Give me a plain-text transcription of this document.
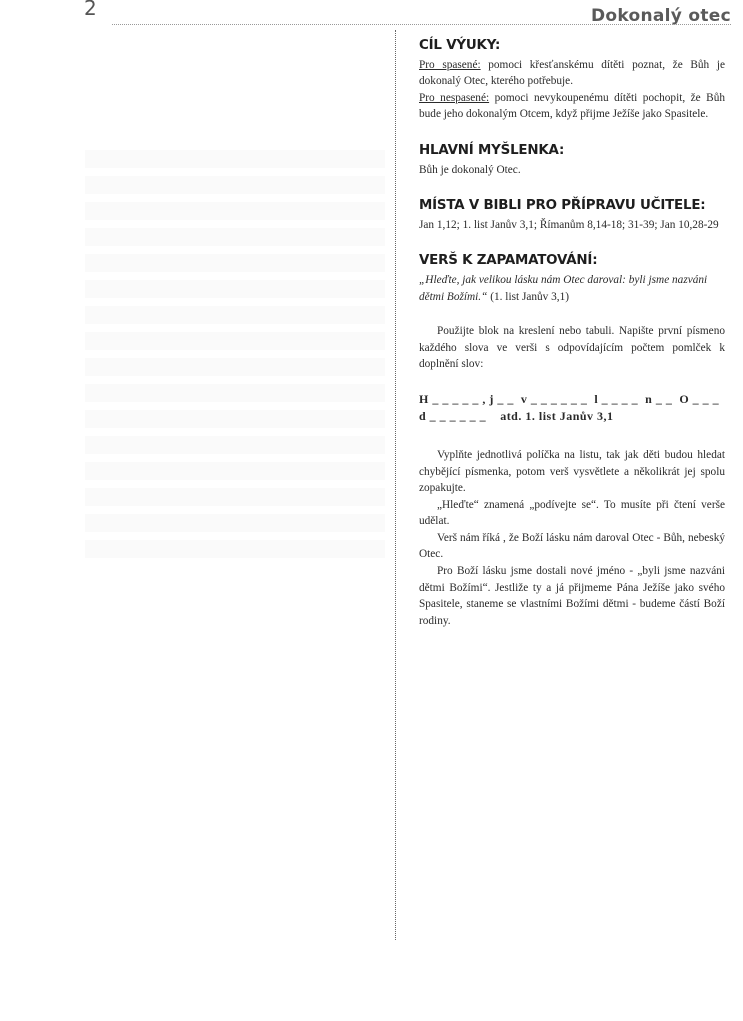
2	Dokonalý otec
CÍL VÝUKY:

Pro spasené: pomoci křesťanskému dítěti poznat, že Bůh je dokonalý Otec, kterého potřebuje.

Pro nespasené: pomoci nevykoupenému dítěti pochopit, že Bůh bude jeho dokonalým Otcem, když přijme Ježíše jako Spasitele.

HLAVNÍ MYŠLENKA:

Bůh je dokonalý Otec.

MÍSTA V BIBLI PRO PŘÍPRAVU UČITELE:

Jan 1,12; 1. list Janův 3,1; Římanům 8,14-18; 31-39; Jan 10,28-29

VERŠ K ZAPAMATOVÁNÍ:

„Hleďte, jak velikou lásku nám Otec daroval: byli jsme nazváni dětmi Božími.“ (1. list Janův 3,1)

Použijte blok na kreslení nebo tabuli. Napište první písmeno každého slova ve verši s odpovídajícím počtem pomlček k doplnění slov:

H _ _ _ _ _ , j _ _  v _ _ _ _ _ _  l _ _ _ _  n _ _  O _ _ _
d _ _ _ _ _ _ atd. 1. list Janův 3,1

Vyplňte jednotlivá políčka na listu, tak jak děti budou hledat chybějící písmenka, potom verš vysvětlete a několikrát jej spolu zopakujte.

„Hleďte“ znamená „podívejte se“. To musíte při čtení verše udělat.

Verš nám říká , že Boží lásku nám daroval Otec - Bůh, nebeský Otec.

Pro Boží lásku jsme dostali nové jméno - „byli jsme nazváni dětmi Božími“. Jestliže ty a já přijmeme Pána Ježíše jako svého Spasitele, staneme se vlastními Božími dětmi - budeme částí Boží rodiny.
